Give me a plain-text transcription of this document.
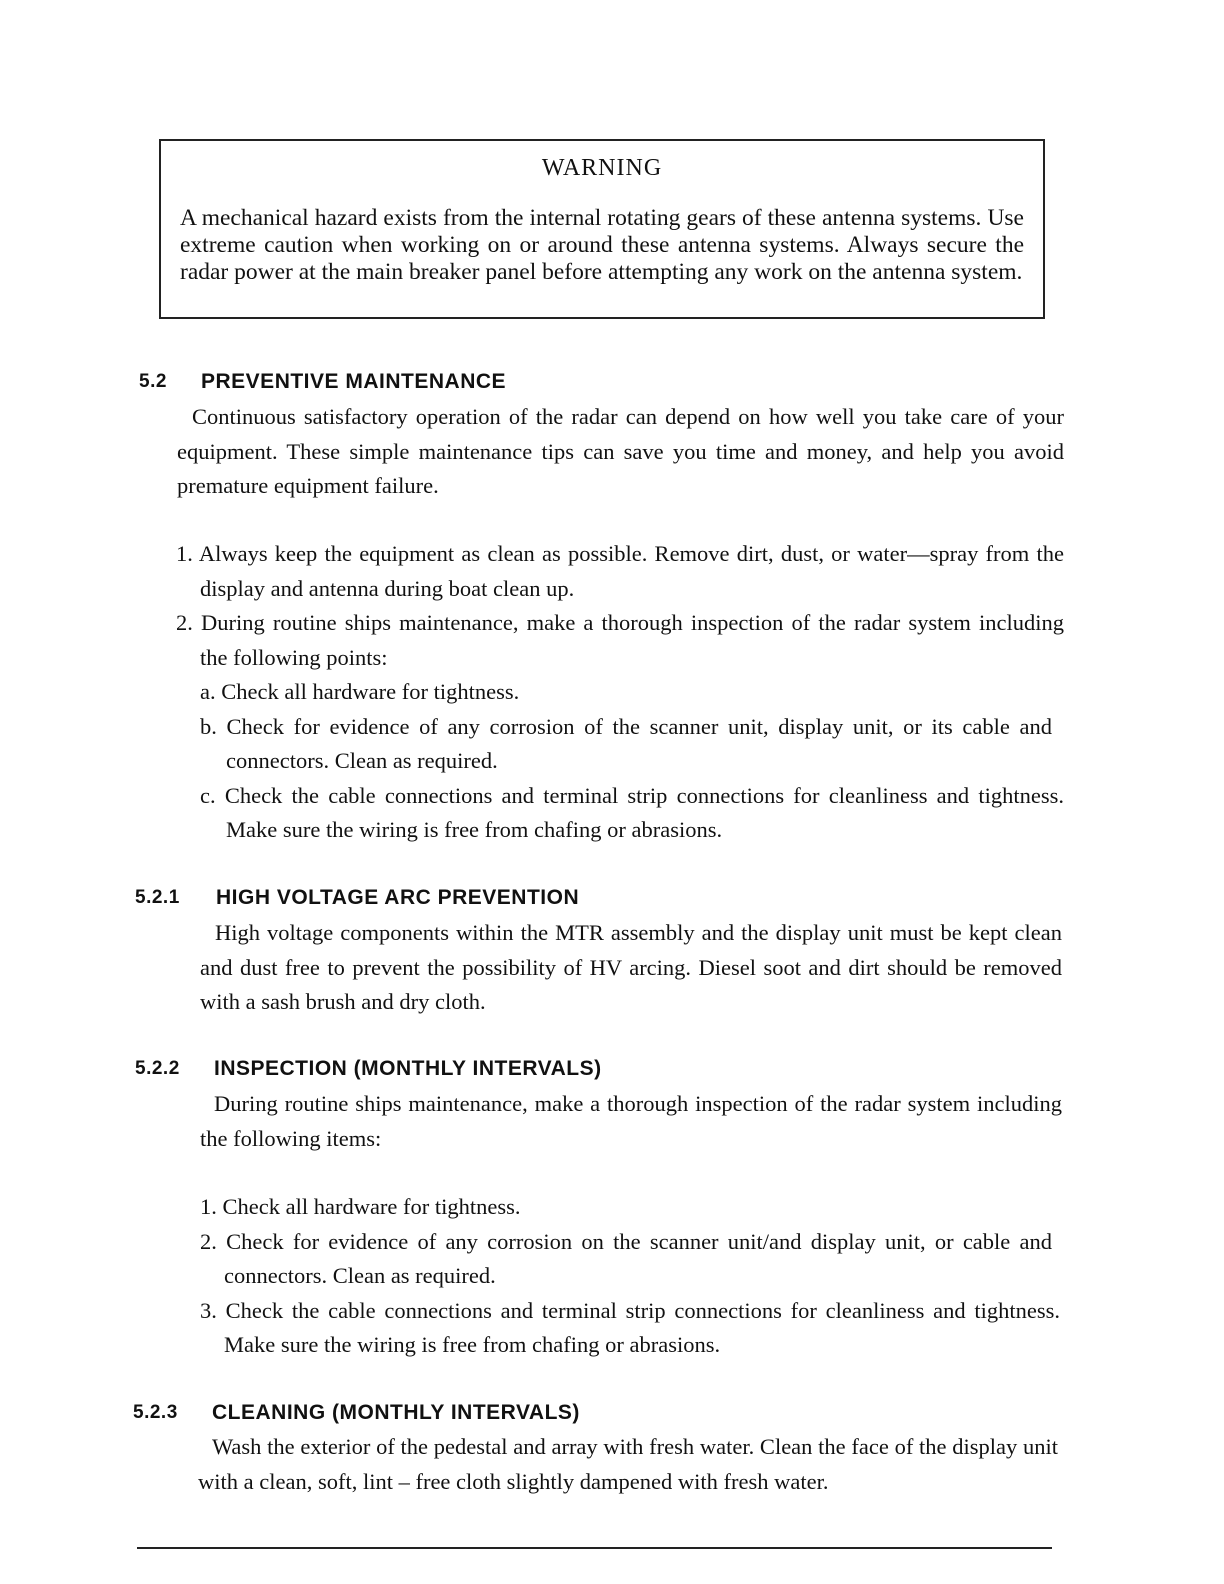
WARNING
A mechanical hazard exists from the internal rotating gears of these antenna systems. Use extreme caution when working on or around these antenna systems. Always secure the radar power at the main breaker panel before attempting any work on the antenna system.
5.2 PREVENTIVE MAINTENANCE
Continuous satisfactory operation of the radar can depend on how well you take care of your equipment. These simple maintenance tips can save you time and money, and help you avoid premature equipment failure.
1. Always keep the equipment as clean as possible. Remove dirt, dust, or water—spray from the display and antenna during boat clean up.
2. During routine ships maintenance, make a thorough inspection of the radar system including the following points:
a. Check all hardware for tightness.
b. Check for evidence of any corrosion of the scanner unit, display unit, or its cable and connectors. Clean as required.
c. Check the cable connections and terminal strip connections for cleanliness and tightness. Make sure the wiring is free from chafing or abrasions.
5.2.1 HIGH VOLTAGE ARC PREVENTION
High voltage components within the MTR assembly and the display unit must be kept clean and dust free to prevent the possibility of HV arcing. Diesel soot and dirt should be removed with a sash brush and dry cloth.
5.2.2 INSPECTION (MONTHLY INTERVALS)
During routine ships maintenance, make a thorough inspection of the radar system including the following items:
1. Check all hardware for tightness.
2. Check for evidence of any corrosion on the scanner unit/and display unit, or cable and connectors. Clean as required.
3. Check the cable connections and terminal strip connections for cleanliness and tightness. Make sure the wiring is free from chafing or abrasions.
5.2.3 CLEANING (MONTHLY INTERVALS)
Wash the exterior of the pedestal and array with fresh water. Clean the face of the display unit with a clean, soft, lint – free cloth slightly dampened with fresh water.
